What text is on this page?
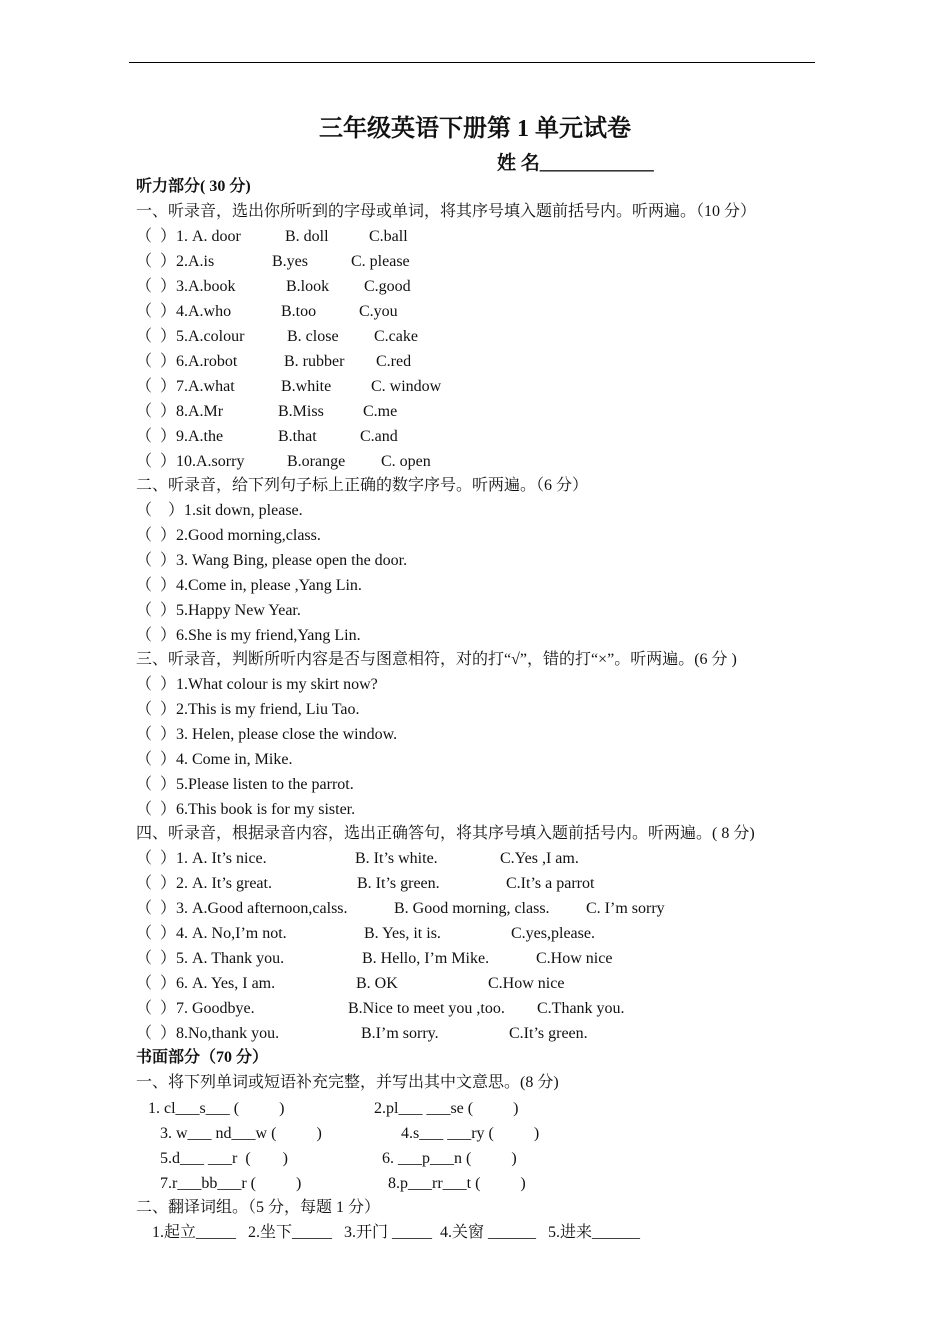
三年级英语下册第 1 单元试卷
姓 名____________
听力部分( 30 分)
一、听录音，选出你所听到的字母或单词，将其序号填入题前括号内。听两遍。（10 分）
（  ）1. A. door	B. doll	C.ball
（  ）2.A.is	B.yes	C. please
（  ）3.A.book	B.look C.good
（  ）4.A.who	B.too	C.you
（  ）5.A.colour	B. close C.cake
（  ）6.A.robot	B. rubber C.red
（  ）7.A.what	B.white C. window
（  ）8.A.Mr	B.Miss C.me
（  ）9.A.the	B.that	C.and
（  ）10.A.sorry	B.orange C. open
二、听录音，给下列句子标上正确的数字序号。听两遍。（6 分）
（    ）1.sit down, please.
（  ）2.Good morning,class.
（  ）3. Wang Bing, please open the door.
（  ）4.Come in, please ,Yang Lin.
（  ）5.Happy New Year.
（  ）6.She is my friend,Yang Lin.
三、听录音，判断所听内容是否与图意相符，对的打“√”，错的打“×”。听两遍。(6 分 )
（  ）1.What colour is my skirt now?
（  ）2.This is my friend, Liu Tao.
（  ）3. Helen, please close the window.
（  ）4. Come in, Mike.
（  ）5.Please listen to the parrot.
（  ）6.This book is for my sister.
四、听录音，根据录音内容，选出正确答句，将其序号填入题前括号内。听两遍。( 8 分)
（  ）1. A. It’s nice.	B. It’s white.	C.Yes ,I am.
（  ）2. A. It’s great.	B. It’s green.	C.It’s a parrot
（  ）3. A.Good afternoon,calss.	B. Good morning, class. C. I’m sorry
（  ）4. A. No,I’m not.	B. Yes, it is.	C.yes,please.
（  ）5. A. Thank you.	B. Hello, I’m Mike.	C.How nice
（  ）6. A. Yes, I am.	B. OK	C.How nice
（  ）7. Goodbye.	B.Nice to meet you ,too. C.Thank you.
（  ）8.No,thank you.	B.I’m sorry.	C.It’s green.
书面部分（70 分）
一、将下列单词或短语补充完整，并写出其中文意思。(8 分)
1. cl___s___ (          )	2.pl___ ___se (          )
3. w___ nd___w (          )	4.s___ ___ry (          )
5.d___ ___r  (        )	6. ___p___n (          )
7.r___bb___r (          )	8.p___rr___t (          )
二、翻译词组。（5 分，每题 1 分）
1.起立_____   2.坐下_____   3.开门 _____  4.关窗 ______   5.进来______
